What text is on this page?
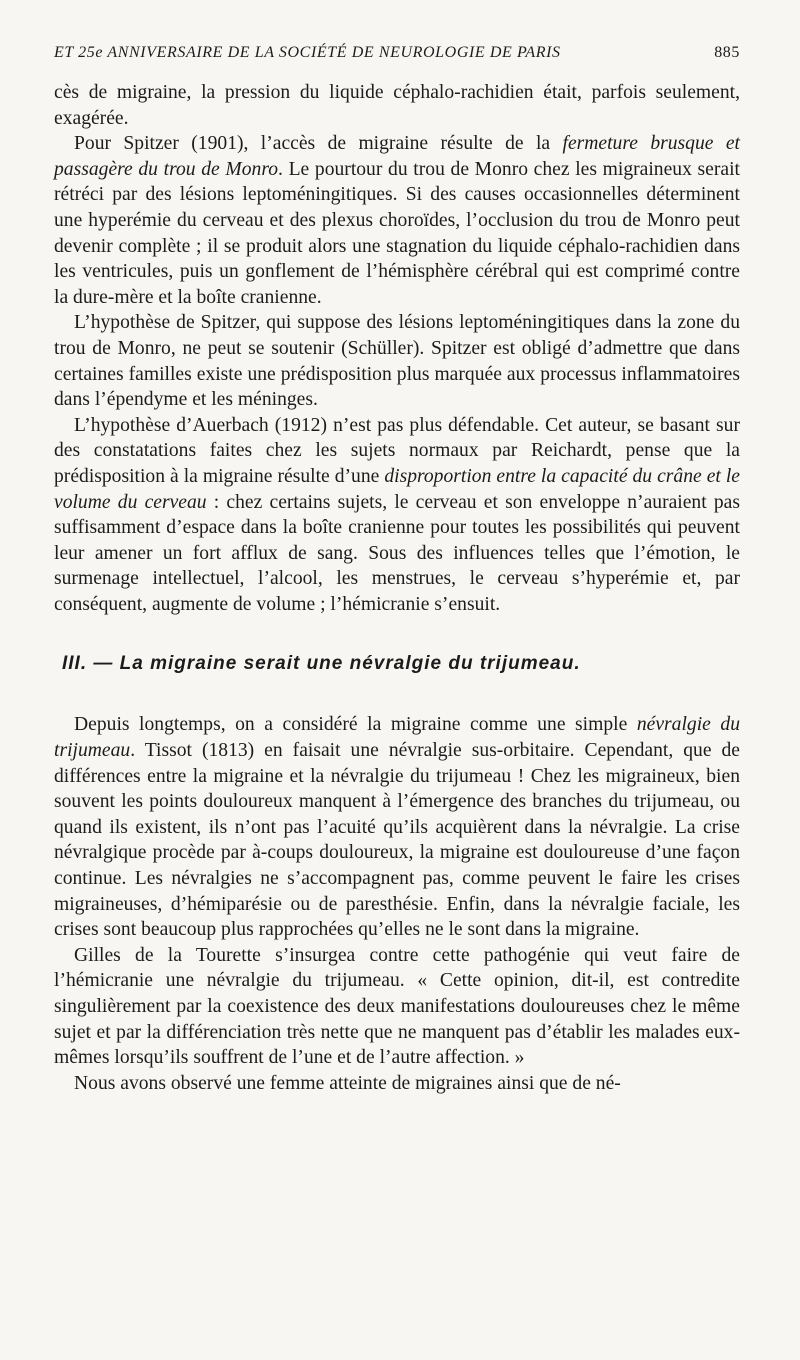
ET 25e ANNIVERSAIRE DE LA SOCIÉTÉ DE NEUROLOGIE DE PARIS	885

cès de migraine, la pression du liquide céphalo-rachidien était, parfois seulement, exagérée.

Pour Spitzer (1901), l’accès de migraine résulte de la fermeture brusque et passagère du trou de Monro. Le pourtour du trou de Monro chez les migraineux serait rétréci par des lésions leptoméningitiques. Si des causes occasionnelles déterminent une hyperémie du cerveau et des plexus choroïdes, l’occlusion du trou de Monro peut devenir complète ; il se produit alors une stagnation du liquide céphalo-rachidien dans les ventricules, puis un gonflement de l’hémisphère cérébral qui est comprimé contre la dure-mère et la boîte cranienne.

L’hypothèse de Spitzer, qui suppose des lésions leptoméningitiques dans la zone du trou de Monro, ne peut se soutenir (Schüller). Spitzer est obligé d’admettre que dans certaines familles existe une prédisposition plus marquée aux processus inflammatoires dans l’épendyme et les méninges.

L’hypothèse d’Auerbach (1912) n’est pas plus défendable. Cet auteur, se basant sur des constatations faites chez les sujets normaux par Reichardt, pense que la prédisposition à la migraine résulte d’une disproportion entre la capacité du crâne et le volume du cerveau : chez certains sujets, le cerveau et son enveloppe n’auraient pas suffisamment d’espace dans la boîte cranienne pour toutes les possibilités qui peuvent leur amener un fort afflux de sang. Sous des influences telles que l’émotion, le surmenage intellectuel, l’alcool, les menstrues, le cerveau s’hyperémie et, par conséquent, augmente de volume ; l’hémicranie s’ensuit.

III. — La migraine serait une névralgie du trijumeau.

Depuis longtemps, on a considéré la migraine comme une simple névralgie du trijumeau. Tissot (1813) en faisait une névralgie sus-orbitaire. Cependant, que de différences entre la migraine et la névralgie du trijumeau ! Chez les migraineux, bien souvent les points douloureux manquent à l’émergence des branches du trijumeau, ou quand ils existent, ils n’ont pas l’acuité qu’ils acquièrent dans la névralgie. La crise névralgique procède par à-coups douloureux, la migraine est douloureuse d’une façon continue. Les névralgies ne s’accompagnent pas, comme peuvent le faire les crises migraineuses, d’hémiparésie ou de paresthésie. Enfin, dans la névralgie faciale, les crises sont beaucoup plus rapprochées qu’elles ne le sont dans la migraine.

Gilles de la Tourette s’insurgea contre cette pathogénie qui veut faire de l’hémicranie une névralgie du trijumeau. « Cette opinion, dit-il, est contredite singulièrement par la coexistence des deux manifestations douloureuses chez le même sujet et par la différenciation très nette que ne manquent pas d’établir les malades eux-mêmes lorsqu’ils souffrent de l’une et de l’autre affection. »

Nous avons observé une femme atteinte de migraines ainsi que de né-
